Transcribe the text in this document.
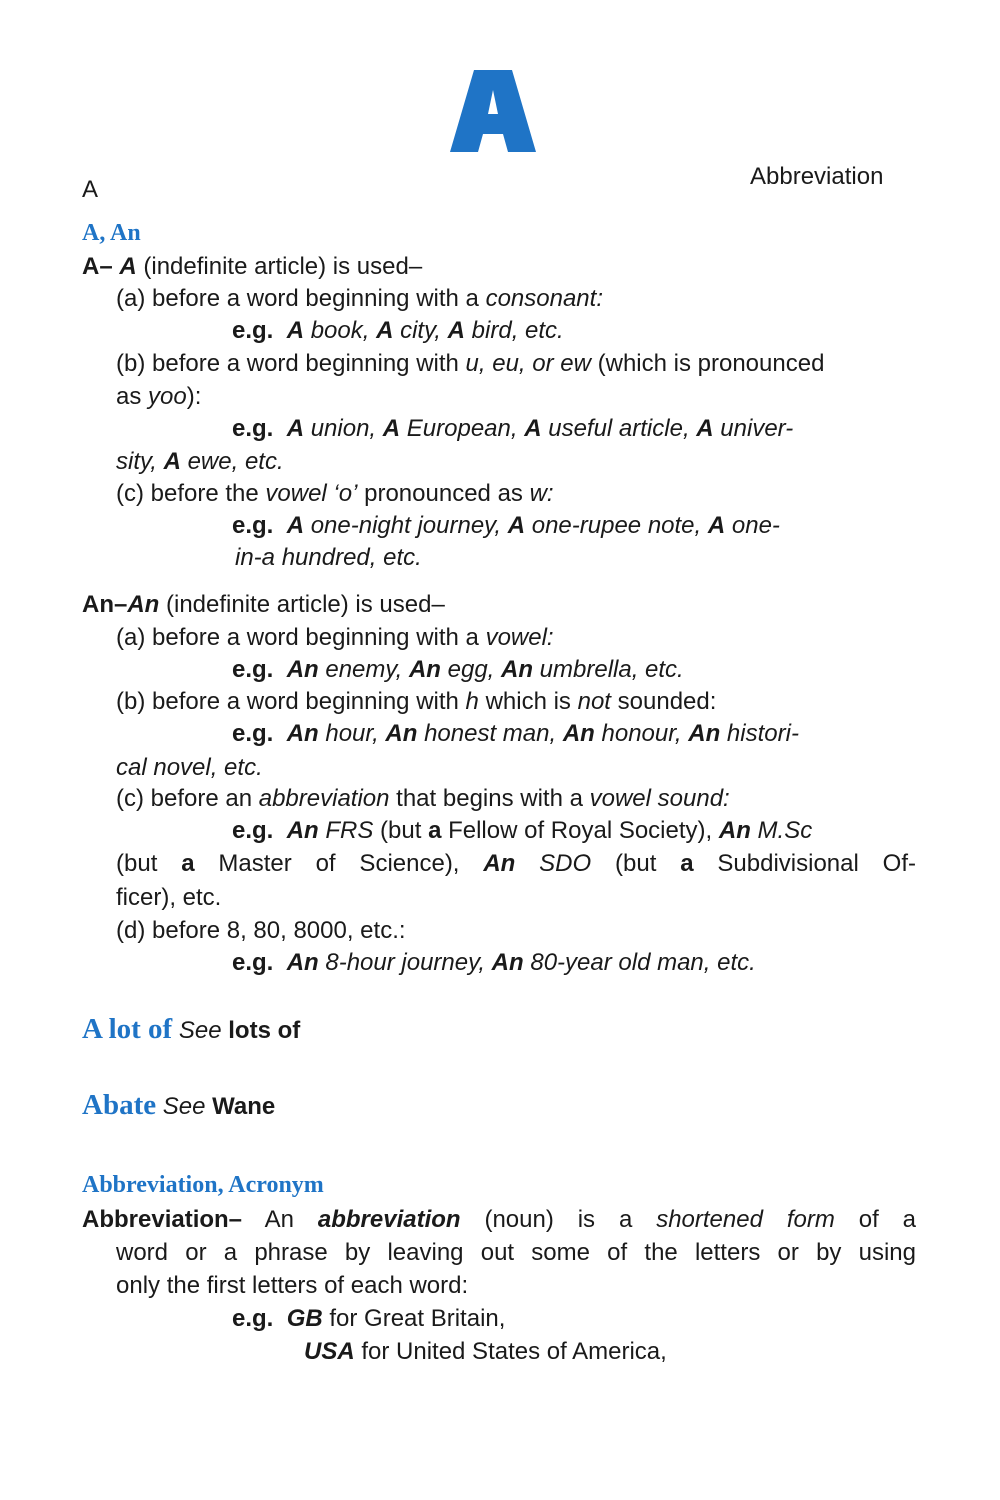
A	Abbreviation
A, An
A– A (indefinite article) is used–
(a) before a word beginning with a consonant:
e.g. A book, A city, A bird, etc.
(b) before a word beginning with u, eu, or ew (which is pronounced
as yoo):
e.g. A union, A European, A useful article, A univer-
sity, A ewe, etc.
(c) before the vowel ‘o’ pronounced as w:
e.g. A one-night journey, A one-rupee note, A one-
in-a hundred, etc.
An–An (indefinite article) is used–
(a) before a word beginning with a vowel:
e.g. An enemy, An egg, An umbrella, etc.
(b) before a word beginning with h which is not sounded:
e.g. An hour, An honest man, An honour, An histori-
cal novel, etc.
(c) before an abbreviation that begins with a vowel sound:
e.g. An FRS (but a Fellow of Royal Society), An M.Sc
(but a Master of Science), An SDO (but a Subdivisional Of-
ficer), etc.
(d) before 8, 80, 8000, etc.:
e.g. An 8-hour journey, An 80-year old man, etc.
A lot of See lots of
Abate See Wane
Abbreviation, Acronym
Abbreviation– An abbreviation (noun) is a shortened form of a
word or a phrase by leaving out some of the letters or by using
only the first letters of each word:
e.g. GB for Great Britain,
USA for United States of America,
